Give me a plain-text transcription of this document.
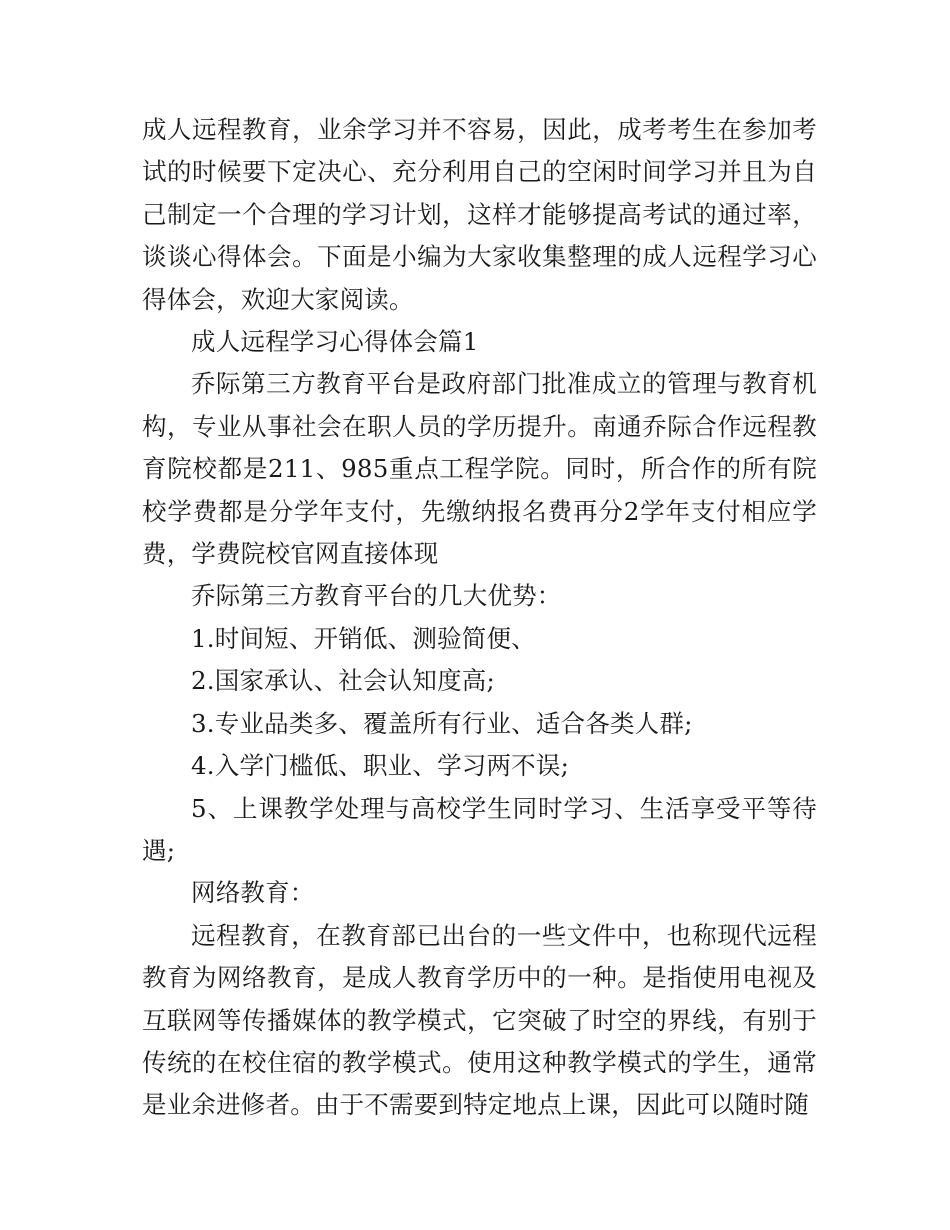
成人远程教育，业余学习并不容易，因此，成考考生在参加考试的时候要下定决心、充分利用自己的空闲时间学习并且为自己制定一个合理的学习计划，这样才能够提高考试的通过率，谈谈心得体会。下面是小编为大家收集整理的成人远程学习心得体会，欢迎大家阅读。

成人远程学习心得体会篇1

乔际第三方教育平台是政府部门批准成立的管理与教育机构，专业从事社会在职人员的学历提升。南通乔际合作远程教育院校都是211、985重点工程学院。同时，所合作的所有院校学费都是分学年支付，先缴纳报名费再分2学年支付相应学费，学费院校官网直接体现

乔际第三方教育平台的几大优势：

1.时间短、开销低、测验简便、

2.国家承认、社会认知度高;

3.专业品类多、覆盖所有行业、适合各类人群;

4.入学门槛低、职业、学习两不误;

5、上课教学处理与高校学生同时学习、生活享受平等待遇;

网络教育：

远程教育，在教育部已出台的一些文件中，也称现代远程教育为网络教育，是成人教育学历中的一种。是指使用电视及互联网等传播媒体的教学模式，它突破了时空的界线，有别于传统的在校住宿的教学模式。使用这种教学模式的学生，通常是业余进修者。由于不需要到特定地点上课，因此可以随时随
